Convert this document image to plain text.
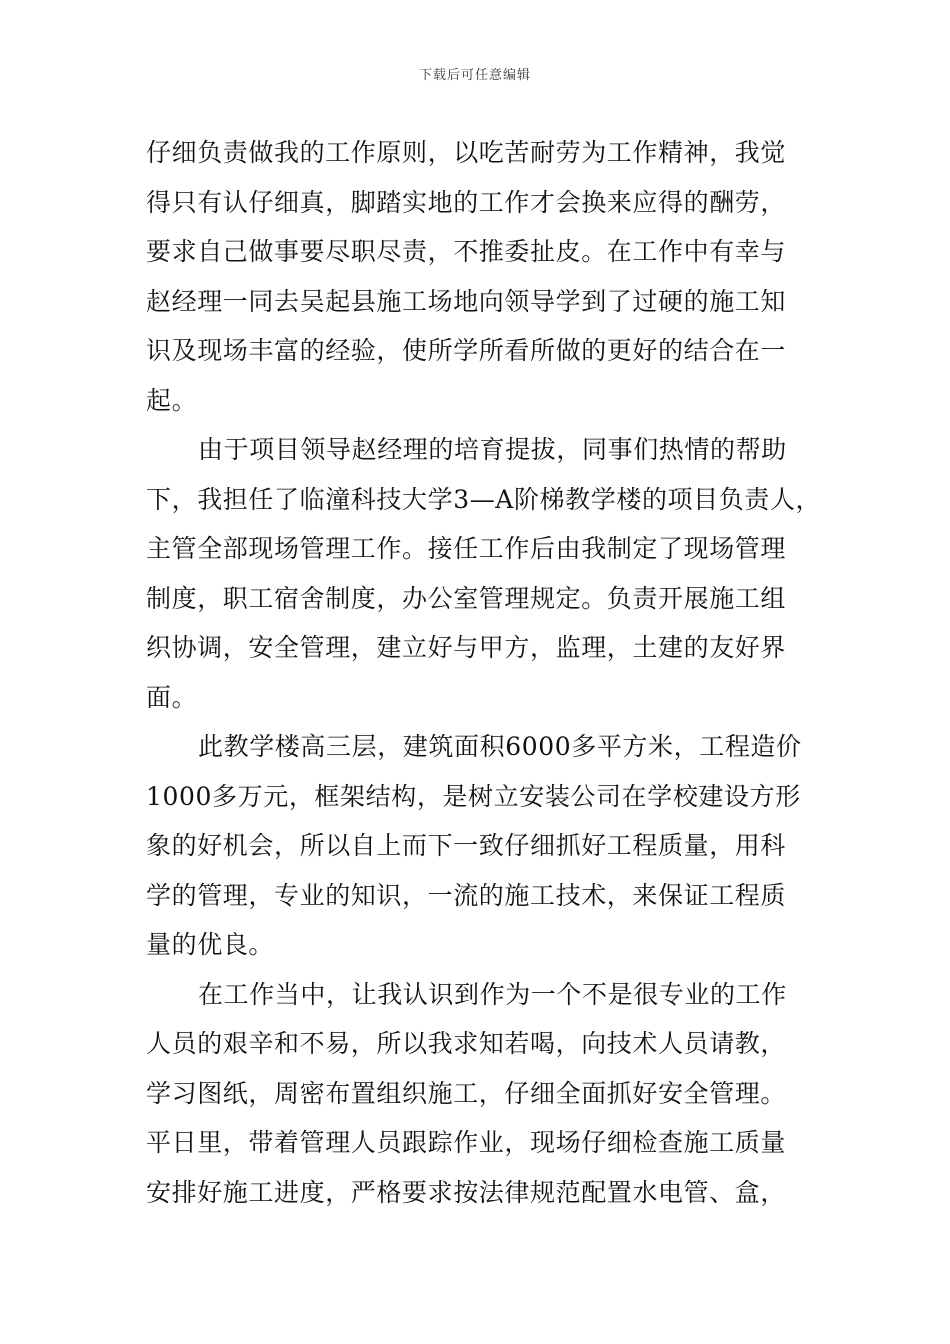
下载后可任意编辑
仔细负责做我的工作原则，以吃苦耐劳为工作精神，我觉
得只有认仔细真，脚踏实地的工作才会换来应得的酬劳，
要求自己做事要尽职尽责，不推委扯皮。在工作中有幸与
赵经理一同去吴起县施工场地向领导学到了过硬的施工知
识及现场丰富的经验，使所学所看所做的更好的结合在一
起。
由于项目领导赵经理的培育提拔，同事们热情的帮助
下，我担任了临潼科技大学3—A阶梯教学楼的项目负责人，
主管全部现场管理工作。接任工作后由我制定了现场管理
制度，职工宿舍制度，办公室管理规定。负责开展施工组
织协调，安全管理，建立好与甲方，监理，土建的友好界
面。
此教学楼高三层，建筑面积6000多平方米，工程造价
1000多万元，框架结构，是树立安装公司在学校建设方形
象的好机会，所以自上而下一致仔细抓好工程质量，用科
学的管理，专业的知识，一流的施工技术，来保证工程质
量的优良。
在工作当中，让我认识到作为一个不是很专业的工作
人员的艰辛和不易，所以我求知若喝，向技术人员请教，
学习图纸，周密布置组织施工，仔细全面抓好安全管理。
平日里，带着管理人员跟踪作业，现场仔细检查施工质量
安排好施工进度，严格要求按法律规范配置水电管、盒，
